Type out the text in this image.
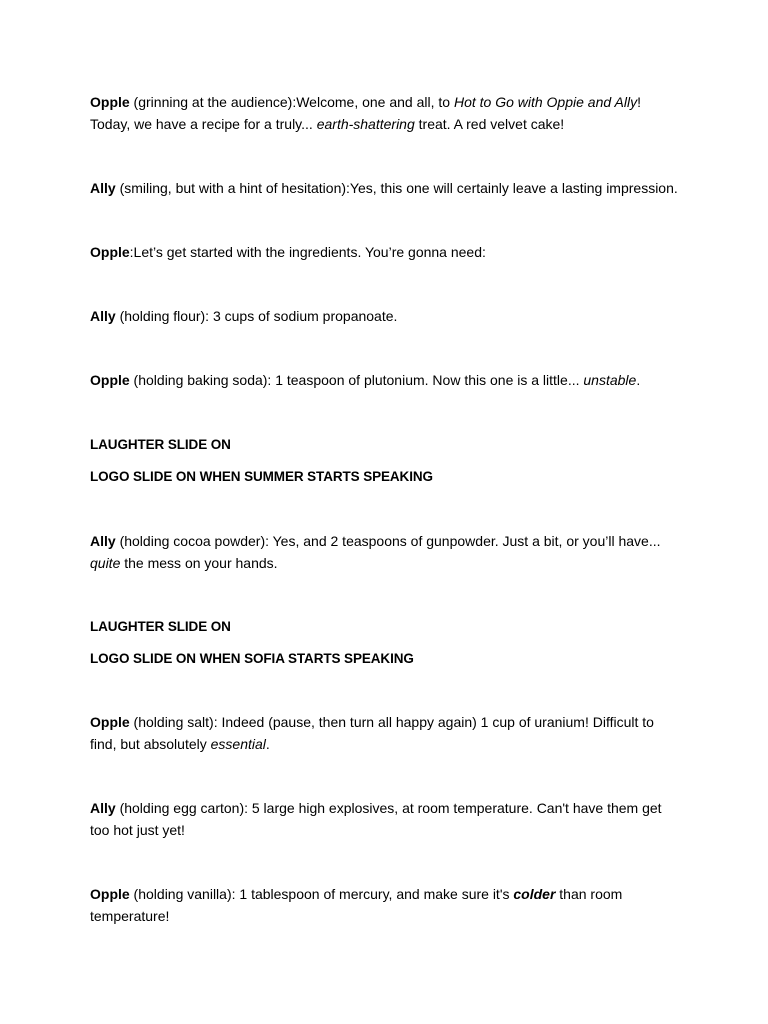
Opple (grinning at the audience):Welcome, one and all, to Hot to Go with Oppie and Ally! Today, we have a recipe for a truly... earth-shattering treat. A red velvet cake!

Ally (smiling, but with a hint of hesitation):Yes, this one will certainly leave a lasting impression.

Opple:Let’s get started with the ingredients. You’re gonna need:

Ally (holding flour): 3 cups of sodium propanoate.

Opple (holding baking soda): 1 teaspoon of plutonium. Now this one is a little... unstable.

LAUGHTER SLIDE ON

LOGO SLIDE ON WHEN SUMMER STARTS SPEAKING

Ally (holding cocoa powder): Yes, and 2 teaspoons of gunpowder. Just a bit, or you’ll have... quite the mess on your hands.

LAUGHTER SLIDE ON

LOGO SLIDE ON WHEN SOFIA STARTS SPEAKING

Opple (holding salt): Indeed (pause, then turn all happy again) 1 cup of uranium! Difficult to find, but absolutely essential.

Ally (holding egg carton): 5 large high explosives, at room temperature. Can't have them get too hot just yet!

Opple (holding vanilla): 1 tablespoon of mercury, and make sure it's colder than room temperature!
